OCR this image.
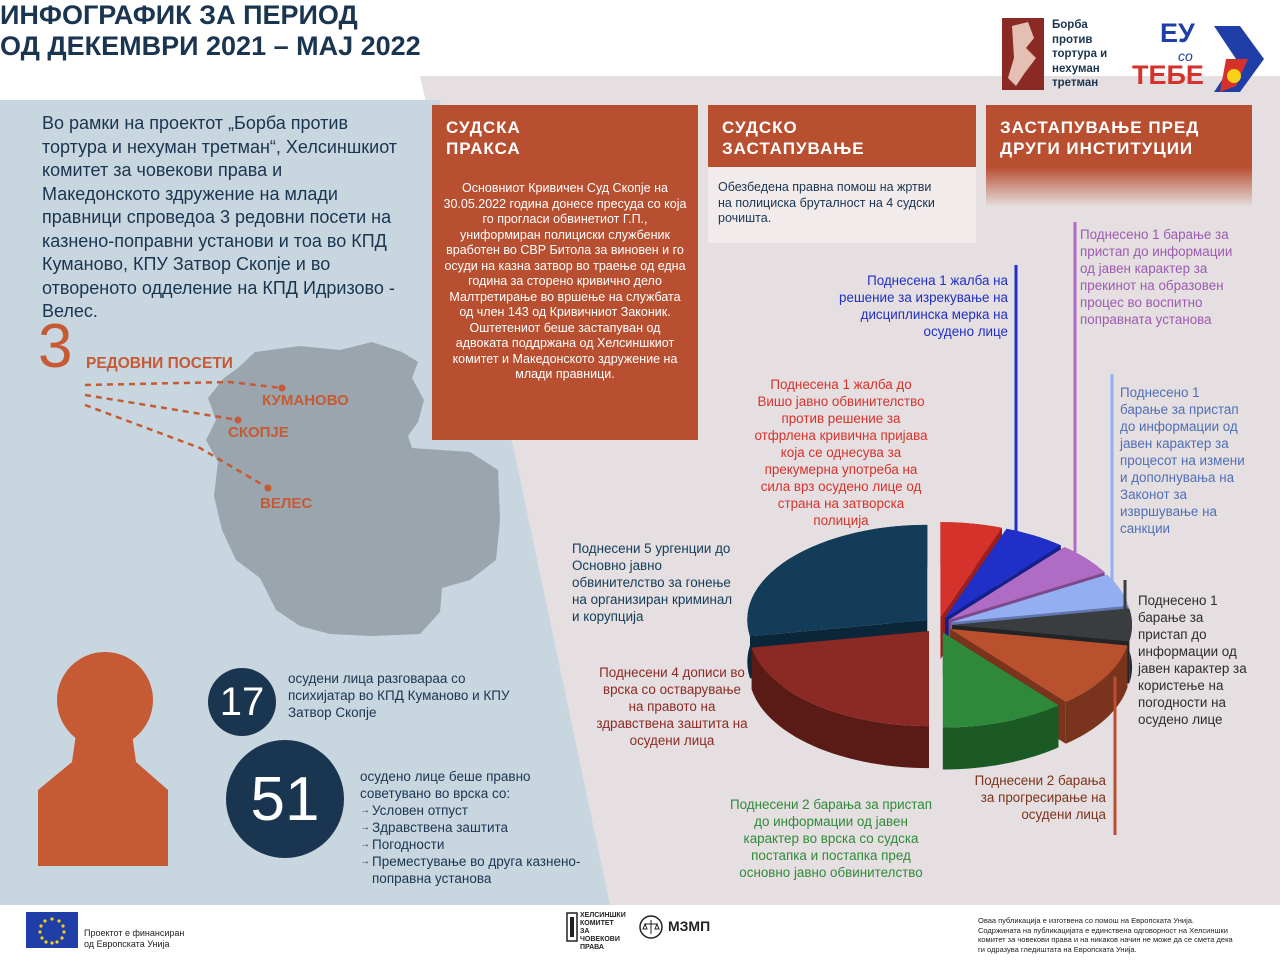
ИНФОГРАФИК ЗА ПЕРИОД
ОД ДЕКЕМВРИ 2021 – МАЈ 2022
Борба
против
тортура и
нехуман
третман
ЕУ
со
ТЕБЕ
Во рамки на проектот „Борба против тортура и нехуман третман“, Хелсиншкиот комитет за човекови права и Македонското здружение на млади правници спроведоа 3 редовни посети на казнено-поправни установи и тоа во КПД Куманово, КПУ Затвор Скопје и во отвореното одделение на КПД Идризово - Велес.
3 РЕДОВНИ ПОСЕТИ
КУМАНОВО
СКОПЈЕ
ВЕЛЕС
17
осудени лица разговараа со психијатар во КПД Куманово и КПУ Затвор Скопје
51	осудено лице беше правно советувано во врска со:
→ Условен отпуст
→ Здравствена заштита
→ Погодности
→ Преместување во друга казнено-поправна установа
СУДСКА ПРАКСА
Основниот Кривичен Суд Скопје на 30.05.2022 година донесе пресуда со која го прогласи обвинетиот Г.П., униформиран полициски службеник вработен во СВР Битола за виновен и го осуди на казна затвор во траење од една година за сторено кривично дело Малтретирање во вршење на службата од член 143 од Кривичниот Законик. Оштетениот беше застапуван од адвоката поддржана од Хелсиншкиот комитет и Македонското здружение на млади правници.
СУДСКО ЗАСТАПУВАЊЕ
Обезбедена правна помош на жртви на полициска бруталност на 4 судски рочишта.
ЗАСТАПУВАЊЕ ПРЕД ДРУГИ ИНСТИТУЦИИ
Поднесена 1 жалба на решение за изрекување на дисциплинска мерка на осудено лице
Поднесено 1 барање за пристап до информации од јавен карактер за прекинот на образовен процес во воспитно поправната установа
Поднесено 1 барање за пристап до информации од јавен карактер за процесот на измени и дополнувања на Законот за извршување на санкции
Поднесена 1 жалба до Вишо јавно обвинителство против решение за отфрлена кривична пријава која се однесува за прекумерна употреба на сила врз осудено лице од страна на затворска полиција
Поднесено 1 барање за пристап до информации од јавен карактер за користење на погодности на осудено лице
Поднесени 5 ургенции до Основно јавно обвинителство за гонење на организиран криминал и корупција
Поднесени 4 дописи во врска со остварување на правото на здравствена заштита на осудени лица
Поднесени 2 барања за прогресирање на осудени лица
Поднесени 2 барања за пристап до информации од јавен карактер во врска со судска постапка и постапка пред основно јавно обвинителство
Проектот е финансиран
од Европската Унија
ХЕЛСИНШКИ КОМИТЕТ ЗА ЧОВЕКОВИ ПРАВА
МЗМП	Оваа публикација е изготвена со помош на Европската Унија. Содржината на публикацијата е единствена одговорност на Хелсиншки комитет за човекови права и на никаков начин не може да се смета дека ги одразува гледиштата на Европската Унија.
